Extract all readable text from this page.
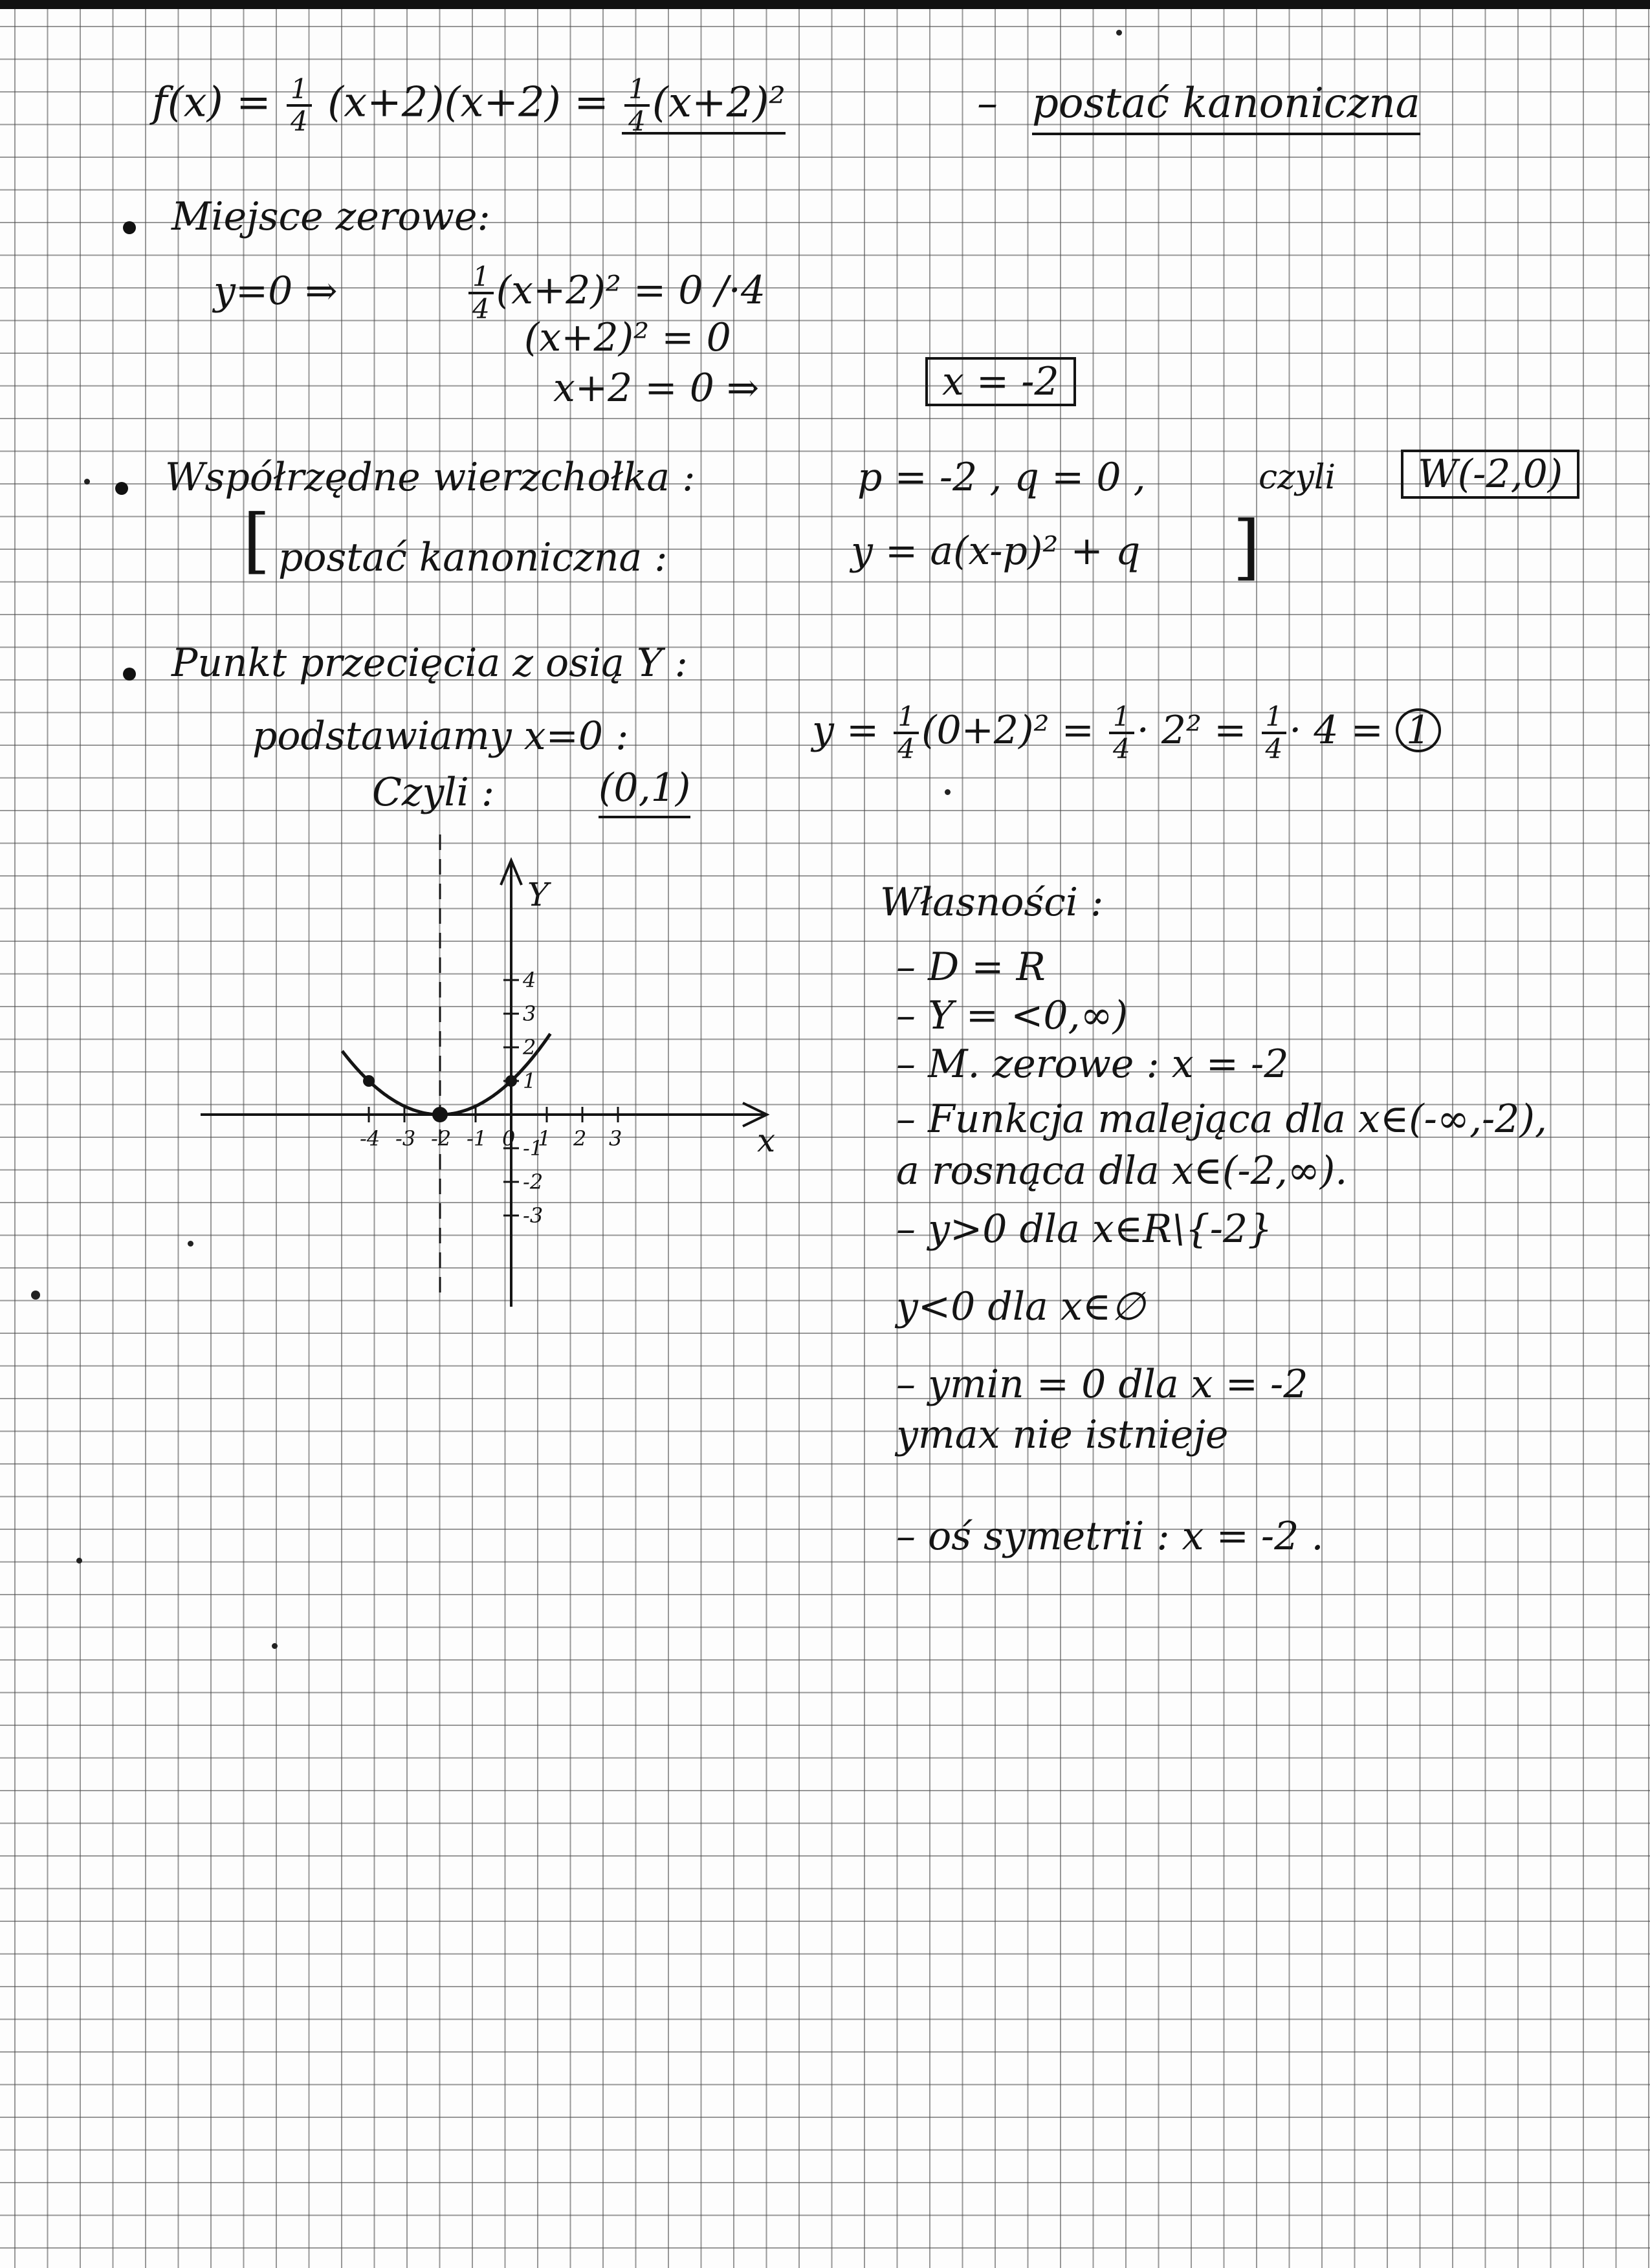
$f(x) = \frac{1}{4} (x+2)(x+2) = \frac{1}{4} (x+2)^2$	– postać kanoniczna
Miejsce zerowe:
y=0 ⇒	$\frac{1}{4} (x+2)^2 = 0$ /·4
(x+2)² = 0
x+2 = 0 ⇒	x = -2
Współrzędne wierzchołka :	p = -2 , q = 0 ,	czyli	W(-2,0)
[ postać kanoniczna :	y = a(x-p)² + q ]
Punkt przecięcia z osią Y :
podstawiamy x=0 :	$y = \frac{1}{4} (0+2)^2 = \frac{1}{4} \cdot 2^2 = \frac{1}{4} \cdot 4 = 1$
Czyli :	(0,1)
-4 -3 -2 -1 0 1 2 3
4
3
2
1
-1
-2
-3
Y
x
Własności :
– D = R
– Y = <0,∞)
– M. zerowe : x = -2
– Funkcja malejąca dla x∈(-∞,-2),
a rosnąca dla x∈(-2,∞).
– y>0 dla x∈R\{-2}
y<0 dla x∈∅
– ymin = 0 dla x = -2
ymax nie istnieje
– oś symetrii : x = -2 .
